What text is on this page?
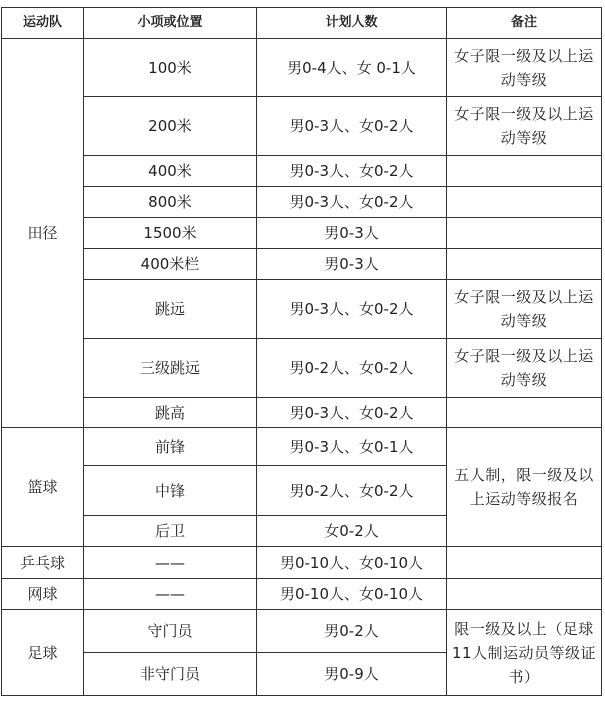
运动队	小项或位置	计划人数	备注
田径	100米	男0-4人、女 0-1人	女子限一级及以上运动等级
	200米	男0-3人、女0-2人	女子限一级及以上运动等级
	400米	男0-3人、女0-2人	
	800米	男0-3人、女0-2人	
	1500米	男0-3人	
	400米栏	男0-3人	
	跳远	男0-3人、女0-2人	女子限一级及以上运动等级
	三级跳远	男0-2人、女0-2人	女子限一级及以上运动等级
	跳高	男0-3人、女0-2人	
篮球	前锋	男0-3人、女0-1人	五人制，限一级及以上运动等级报名
	中锋	男0-2人、女0-2人	
	后卫	女0-2人	
乒乓球	——	男0-10人、女0-10人	
网球	——	男0-10人、女0-10人	
足球	守门员	男0-2人	限一级及以上（足球11人制运动员等级证书）
	非守门员	男0-9人	
